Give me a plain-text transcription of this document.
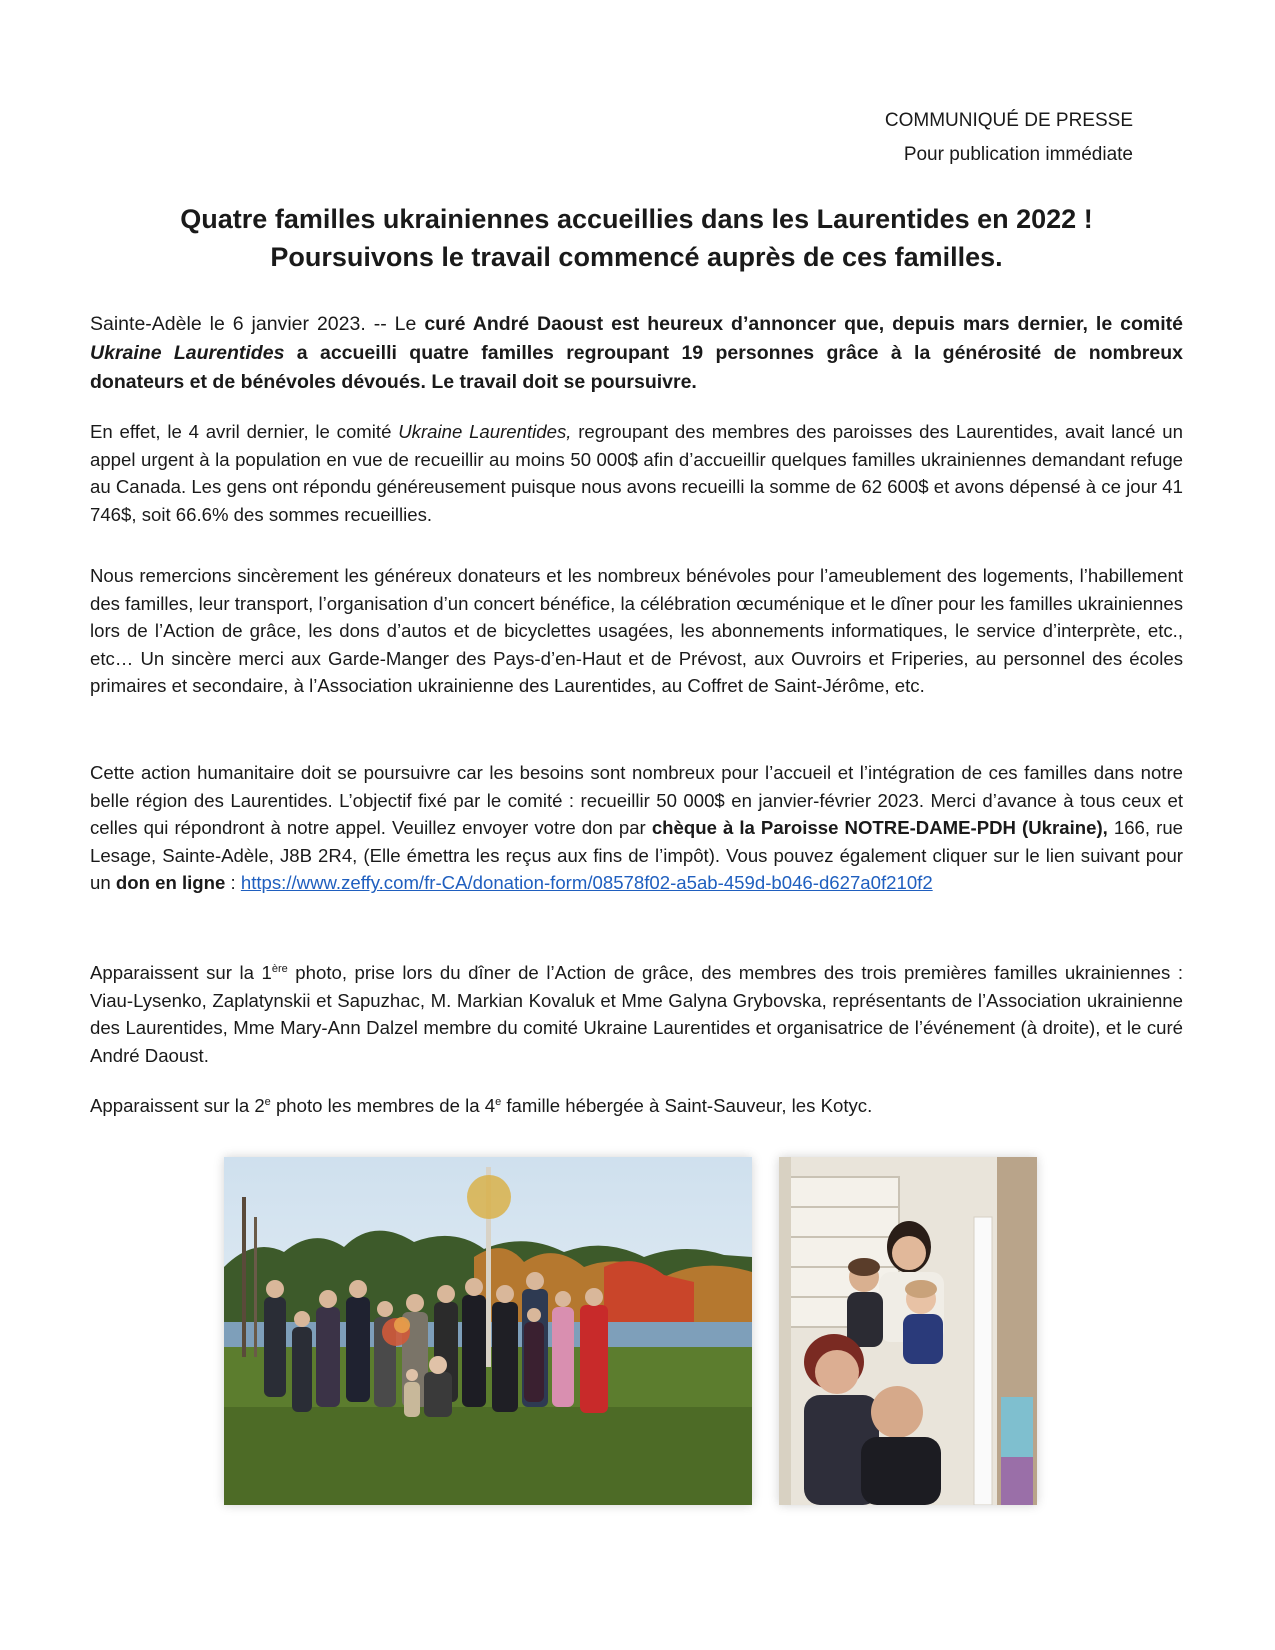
COMMUNIQUÉ DE PRESSE
Pour publication immédiate
Quatre familles ukrainiennes accueillies dans les Laurentides en 2022 !
Poursuivons le travail commencé auprès de ces familles.
Sainte-Adèle le 6 janvier 2023. -- Le curé André Daoust est heureux d’annoncer que, depuis mars dernier, le comité Ukraine Laurentides a accueilli quatre familles regroupant 19 personnes grâce à la générosité de nombreux donateurs et de bénévoles dévoués. Le travail doit se poursuivre.
En effet, le 4 avril dernier, le comité Ukraine Laurentides, regroupant des membres des paroisses des Laurentides, avait lancé un appel urgent à la population en vue de recueillir au moins 50 000$ afin d’accueillir quelques familles ukrainiennes demandant refuge au Canada. Les gens ont répondu généreusement puisque nous avons recueilli la somme de 62 600$ et avons dépensé à ce jour 41 746$, soit 66.6% des sommes recueillies.
Nous remercions sincèrement les généreux donateurs et les nombreux bénévoles pour l’ameublement des logements, l’habillement des familles, leur transport, l’organisation d’un concert bénéfice, la célébration œcuménique et le dîner pour les familles ukrainiennes lors de l’Action de grâce, les dons d’autos et de bicyclettes usagées, les abonnements informatiques, le service d’interprète, etc., etc… Un sincère merci aux Garde-Manger des Pays-d’en-Haut et de Prévost, aux Ouvroirs et Friperies, au personnel des écoles primaires et secondaire, à l’Association ukrainienne des Laurentides, au Coffret de Saint-Jérôme, etc.
Cette action humanitaire doit se poursuivre car les besoins sont nombreux pour l’accueil et l’intégration de ces familles dans notre belle région des Laurentides. L’objectif fixé par le comité : recueillir 50 000$ en janvier-février 2023. Merci d’avance à tous ceux et celles qui répondront à notre appel. Veuillez envoyer votre don par chèque à la Paroisse NOTRE-DAME-PDH (Ukraine), 166, rue Lesage, Sainte-Adèle, J8B 2R4, (Elle émettra les reçus aux fins de l’impôt). Vous pouvez également cliquer sur le lien suivant pour un don en ligne : https://www.zeffy.com/fr-CA/donation-form/08578f02-a5ab-459d-b046-d627a0f210f2
Apparaissent sur la 1ère photo, prise lors du dîner de l’Action de grâce, des membres des trois premières familles ukrainiennes : Viau-Lysenko, Zaplatynskii et Sapuzhac, M. Markian Kovaluk et Mme Galyna Grybovska, représentants de l’Association ukrainienne des Laurentides, Mme Mary-Ann Dalzel membre du comité Ukraine Laurentides et organisatrice de l’événement (à droite), et le curé André Daoust.
Apparaissent sur la 2e photo les membres de la 4e famille hébergée à Saint-Sauveur, les Kotyc.
